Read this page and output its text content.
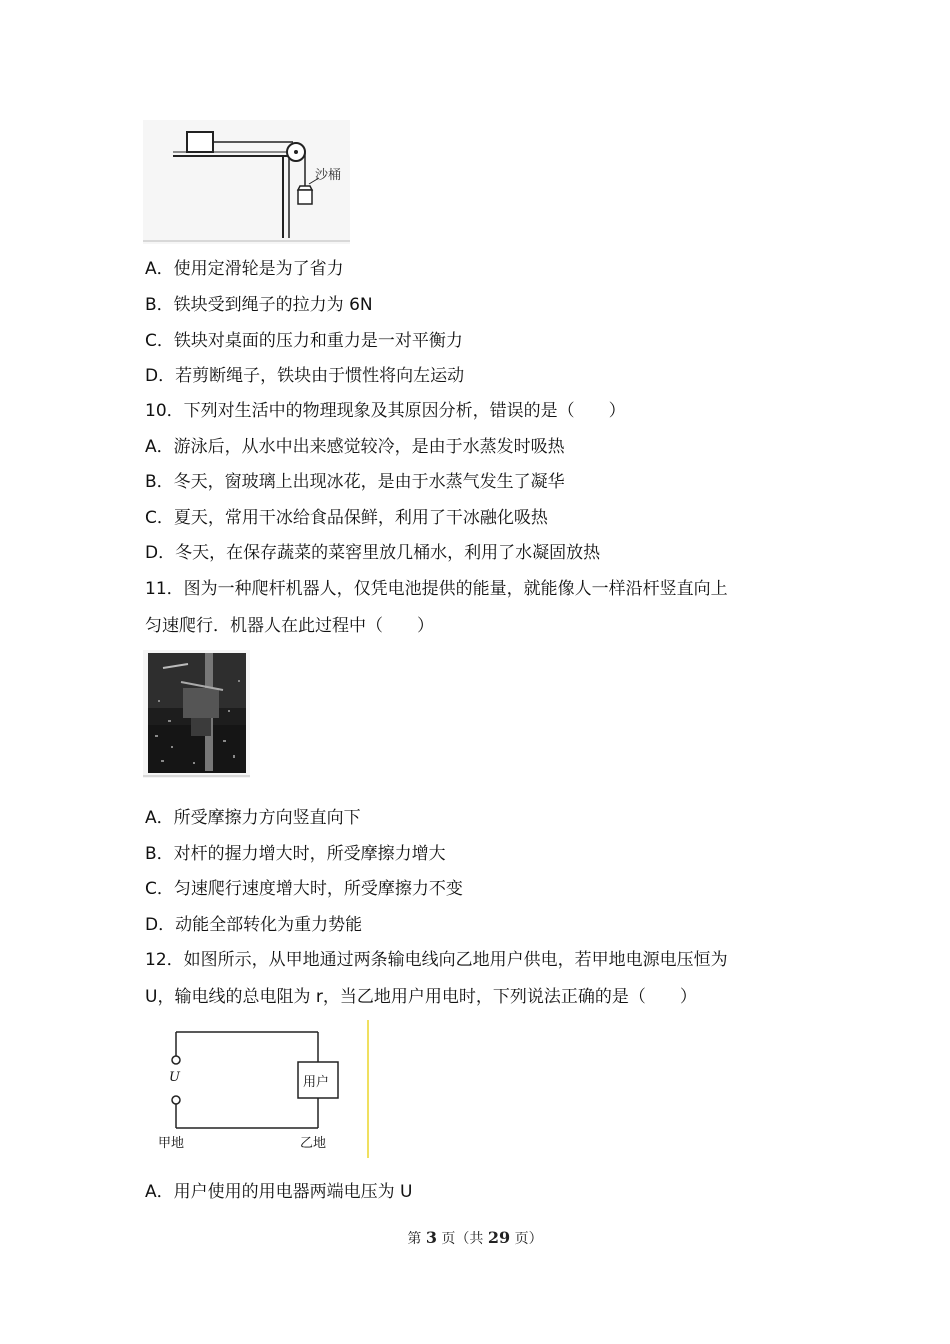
沙桶
A．使用定滑轮是为了省力
B．铁块受到绳子的拉力为 6N
C．铁块对桌面的压力和重力是一对平衡力
D．若剪断绳子，铁块由于惯性将向左运动
10．下列对生活中的物理现象及其原因分析，错误的是（　　）
A．游泳后，从水中出来感觉较冷，是由于水蒸发时吸热
B．冬天，窗玻璃上出现冰花，是由于水蒸气发生了凝华
C．夏天，常用干冰给食品保鲜，利用了干冰融化吸热
D．冬天，在保存蔬菜的菜窖里放几桶水，利用了水凝固放热
11．图为一种爬杆机器人，仅凭电池提供的能量，就能像人一样沿杆竖直向上
匀速爬行．机器人在此过程中（　　）
A．所受摩擦力方向竖直向下
B．对杆的握力增大时，所受摩擦力增大
C．匀速爬行速度增大时，所受摩擦力不变
D．动能全部转化为重力势能
12．如图所示，从甲地通过两条输电线向乙地用户供电，若甲地电源电压恒为
U，输电线的总电阻为 r，当乙地用户用电时，下列说法正确的是（　　）
U	用户
甲地	乙地
A．用户使用的用电器两端电压为 U
第 3 页（共 29 页）
